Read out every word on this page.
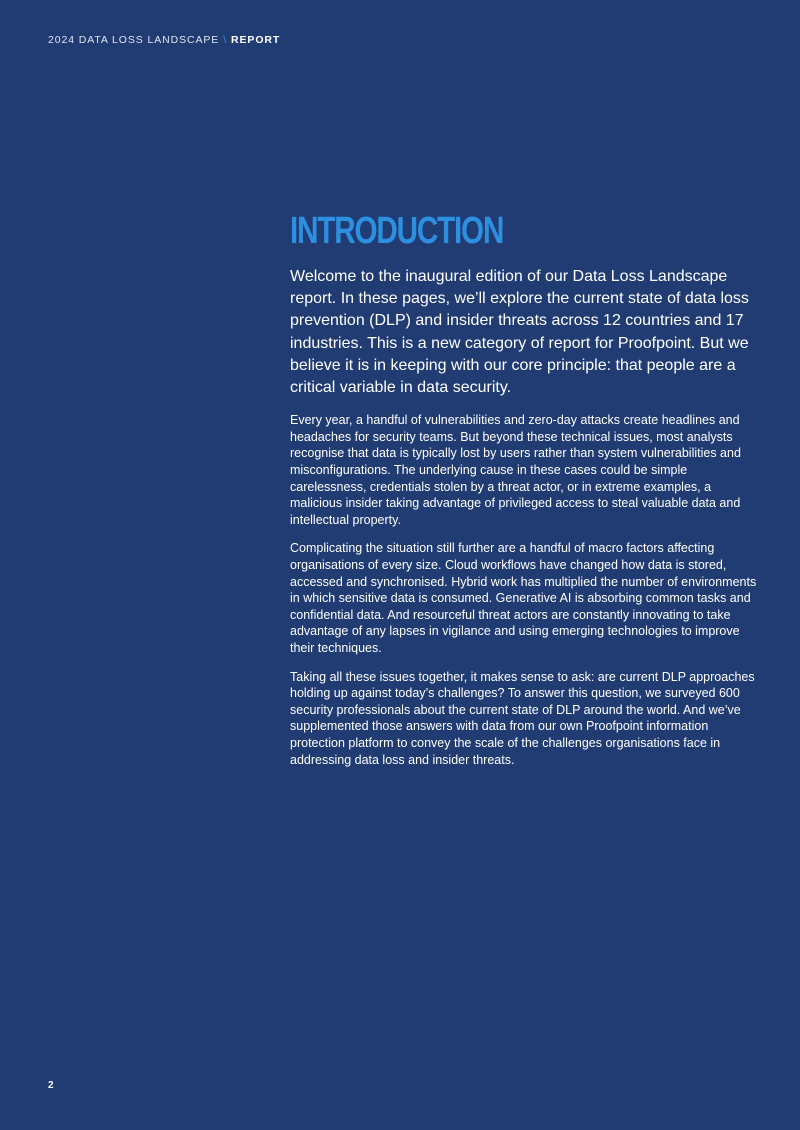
2024 DATA LOSS LANDSCAPE \ REPORT
INTRODUCTION

Welcome to the inaugural edition of our Data Loss Landscape report. In these pages, we’ll explore the current state of data loss prevention (DLP) and insider threats across 12 countries and 17 industries. This is a new category of report for Proofpoint. But we believe it is in keeping with our core principle: that people are a critical variable in data security.

Every year, a handful of vulnerabilities and zero-day attacks create headlines and headaches for security teams. But beyond these technical issues, most analysts recognise that data is typically lost by users rather than system vulnerabilities and misconfigurations. The underlying cause in these cases could be simple carelessness, credentials stolen by a threat actor, or in extreme examples, a malicious insider taking advantage of privileged access to steal valuable data and intellectual property.

Complicating the situation still further are a handful of macro factors affecting organisations of every size. Cloud workflows have changed how data is stored, accessed and synchronised. Hybrid work has multiplied the number of environments in which sensitive data is consumed. Generative AI is absorbing common tasks and confidential data. And resourceful threat actors are constantly innovating to take advantage of any lapses in vigilance and using emerging technologies to improve their techniques.

Taking all these issues together, it makes sense to ask: are current DLP approaches holding up against today’s challenges? To answer this question, we surveyed 600 security professionals about the current state of DLP around the world. And we’ve supplemented those answers with data from our own Proofpoint information protection platform to convey the scale of the challenges organisations face in addressing data loss and insider threats.

2
